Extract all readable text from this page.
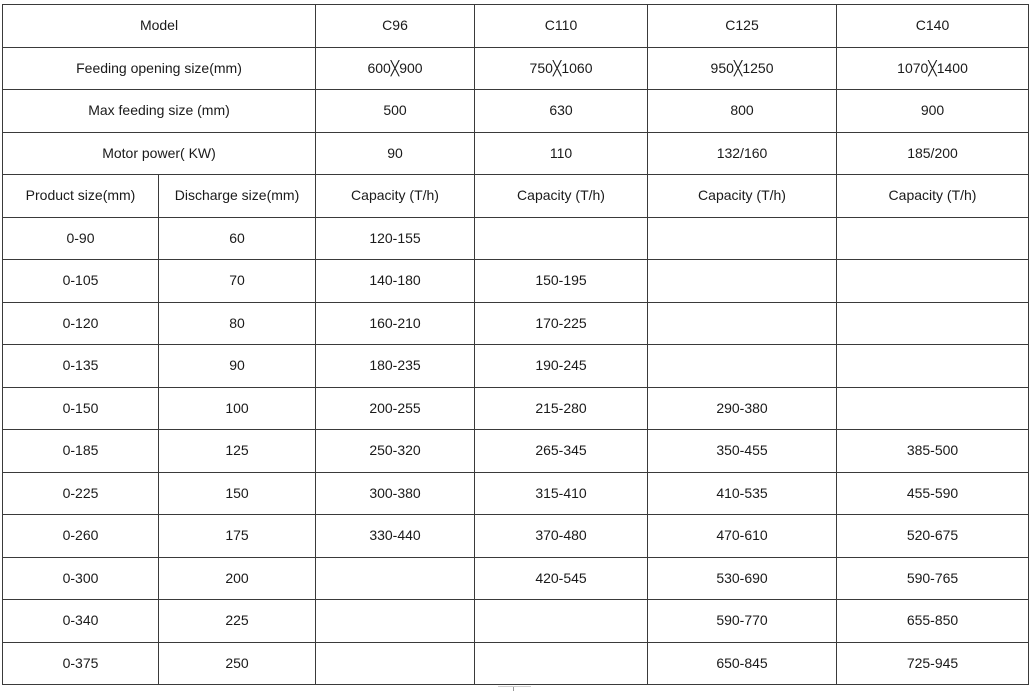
Model		C96	C110	C125	C140
Feeding opening size(mm)		600╳900	750╳1060	950╳1250	1070╳1400
Max feeding size (mm)		500	630	800	900
Motor power( KW)		90	110	132/160	185/200
Product size(mm)	Discharge size(mm)	Capacity (T/h)	Capacity (T/h)	Capacity (T/h)	Capacity (T/h)
0-90	60	120-155			
0-105	70	140-180	150-195		
0-120	80	160-210	170-225		
0-135	90	180-235	190-245		
0-150	100	200-255	215-280	290-380	
0-185	125	250-320	265-345	350-455	385-500
0-225	150	300-380	315-410	410-535	455-590
0-260	175	330-440	370-480	470-610	520-675
0-300	200		420-545	530-690	590-765
0-340	225			590-770	655-850
0-375	250			650-845	725-945
